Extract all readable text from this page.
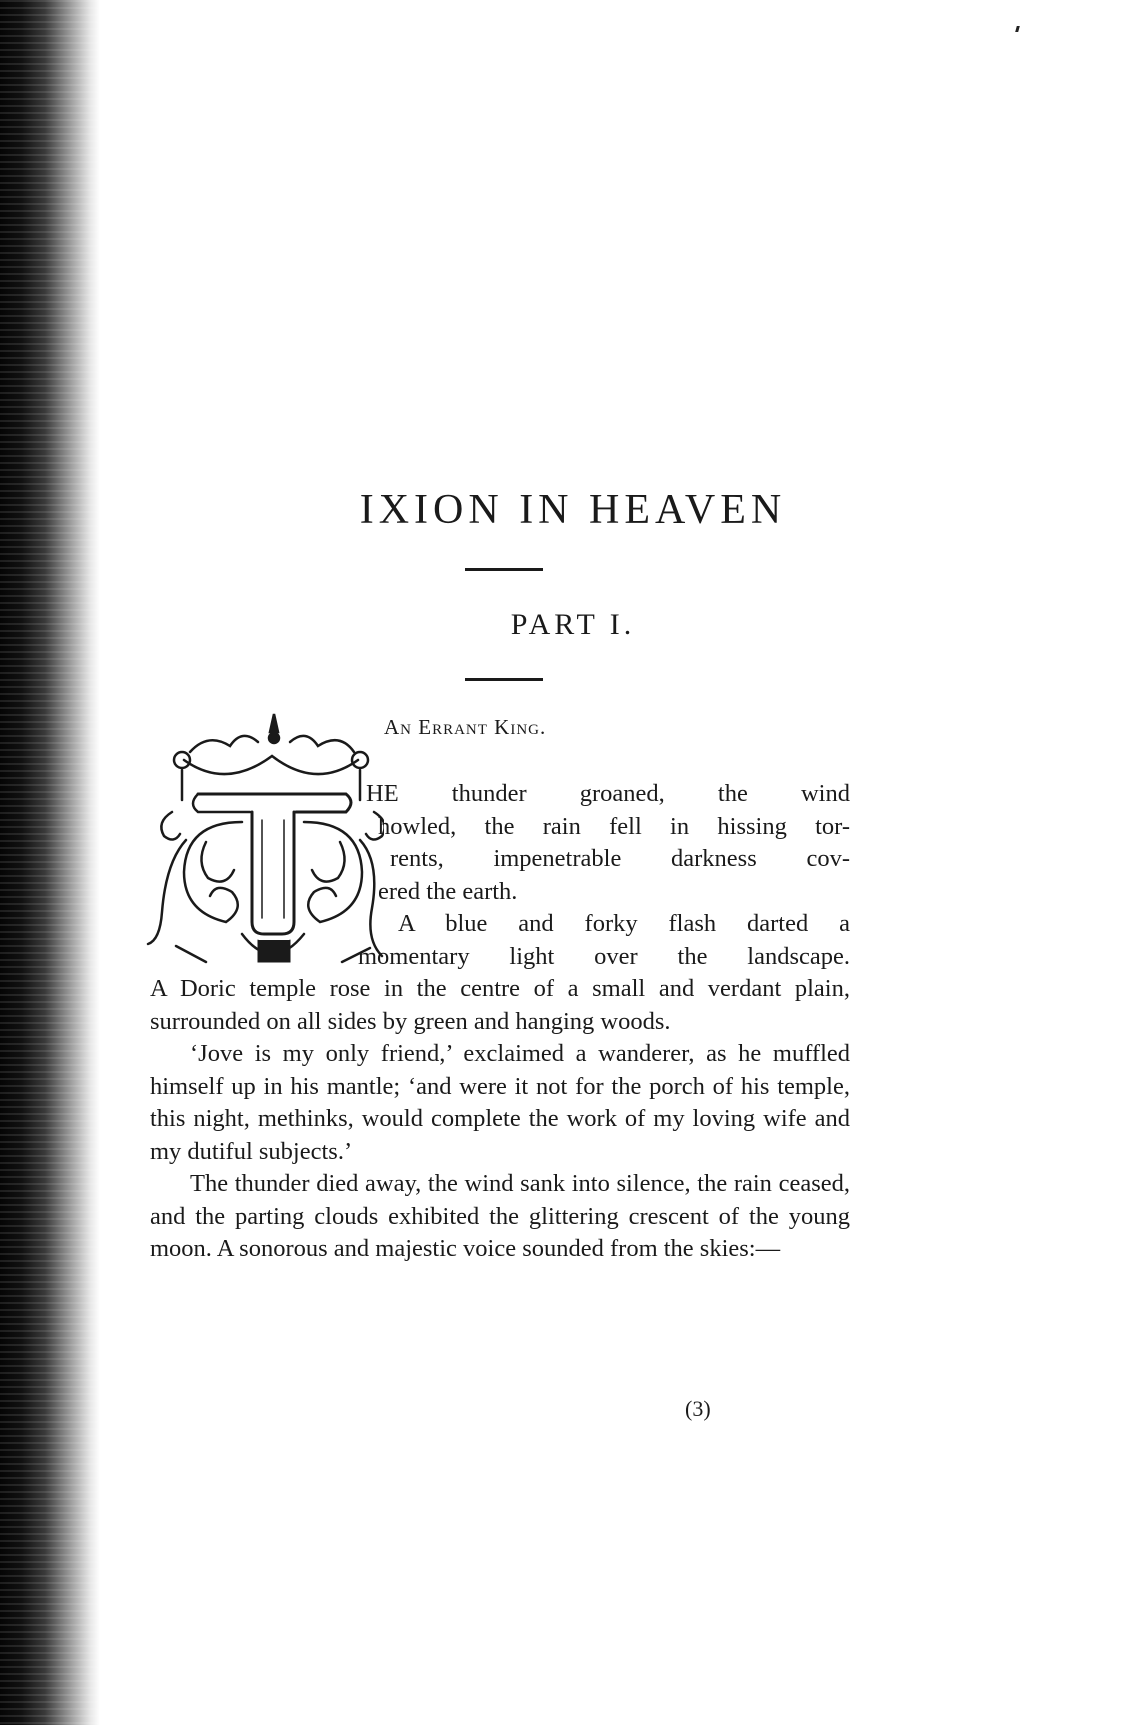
IXION IN HEAVEN
PART I.
An Errant King.
HE thunder groaned, the wind
howled, the rain fell in hissing tor-
rents, impenetrable darkness cov-
ered the earth.
A blue and forky flash darted a
momentary light over the landscape.

A Doric temple rose in the centre of a small and verdant plain, surrounded on all sides by green and hanging woods.

‘Jove is my only friend,’ exclaimed a wanderer, as he muffled himself up in his mantle; ‘and were it not for the porch of his temple, this night, methinks, would complete the work of my loving wife and my dutiful subjects.’

The thunder died away, the wind sank into silence, the rain ceased, and the parting clouds exhibited the glittering crescent of the young moon. A sonorous and majestic voice sounded from the skies:—

(3)
